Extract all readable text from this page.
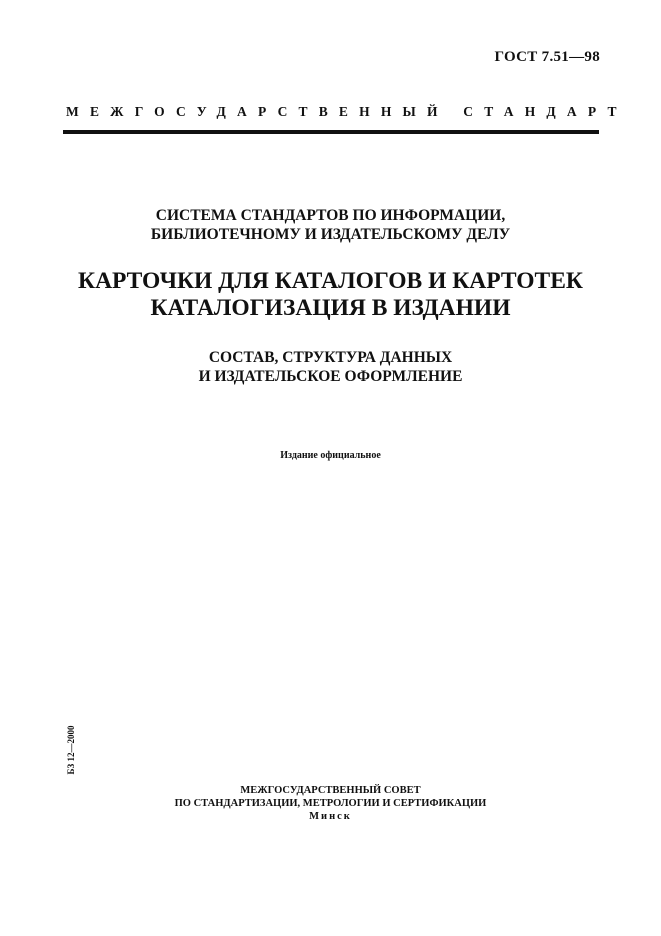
ГОСТ 7.51—98
МЕЖГОСУДАРСТВЕННЫЙ СТАНДАРТ
СИСТЕМА СТАНДАРТОВ ПО ИНФОРМАЦИИ,
БИБЛИОТЕЧНОМУ И ИЗДАТЕЛЬСКОМУ ДЕЛУ
КАРТОЧКИ ДЛЯ КАТАЛОГОВ И КАРТОТЕК
КАТАЛОГИЗАЦИЯ В ИЗДАНИИ
СОСТАВ, СТРУКТУРА ДАННЫХ
И ИЗДАТЕЛЬСКОЕ ОФОРМЛЕНИЕ
Издание официальное
БЗ 12—2000
МЕЖГОСУДАРСТВЕННЫЙ СОВЕТ
ПО СТАНДАРТИЗАЦИИ, МЕТРОЛОГИИ И СЕРТИФИКАЦИИ
Минск
